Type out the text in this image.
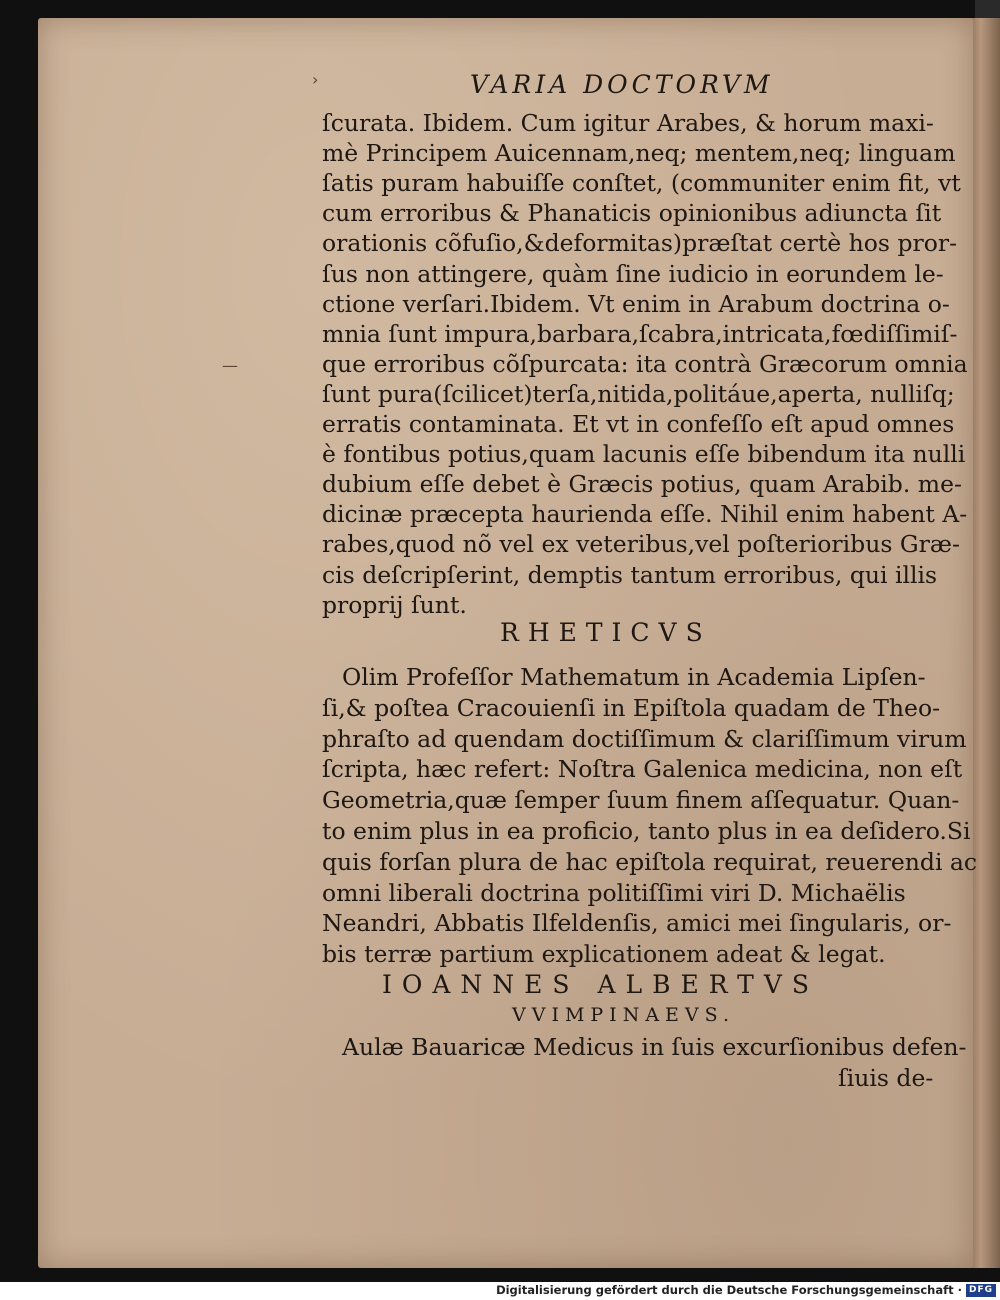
VARIA DOCTORVM
ſcurata. Ibidem. Cum igitur Arabes, & horum maxi-
mè Principem Auicennam,neq; mentem,neq; linguam
ſatis puram habuiſſe conſtet, (communiter enim fit, vt
cum erroribus & Phanaticis opinionibus adiuncta ſit
orationis cõfuſio,&deformitas)præſtat certè hos pror-
ſus non attingere, quàm ſine iudicio in eorundem le-
ctione verſari.Ibidem. Vt enim in Arabum doctrina o-
mnia ſunt impura,barbara,ſcabra,intricata,fœdiſſimiſ-
que erroribus cõſpurcata: ita contrà Græcorum omnia
ſunt pura(ſcilicet)terſa,nitida,politáue,aperta, nulliſq;
erratis contaminata. Et vt in confeſſo eſt apud omnes
è fontibus potius,quam lacunis eſſe bibendum ita nulli
dubium eſſe debet è Græcis potius, quam Arabib. me-
dicinæ præcepta haurienda eſſe. Nihil enim habent A-
rabes,quod nõ vel ex veteribus,vel poſterioribus Græ-
cis deſcripſerint, demptis tantum erroribus, qui illis
proprij ſunt.
Olim Profeſſor Mathematum in Academia Lipſen-
ſi,& poſtea Cracouienſi in Epiſtola quadam de Theo-
phraſto ad quendam doctiſſimum & clariſſimum virum
ſcripta, hæc refert: Noſtra Galenica medicina, non eſt
Geometria,quæ ſemper ſuum finem aſſequatur. Quan-
to enim plus in ea proficio, tanto plus in ea deſidero.Si
quis forſan plura de hac epiſtola requirat, reuerendi ac
omni liberali doctrina politiſſimi viri D. Michaëlis
Neandri, Abbatis Ilfeldenſis, amici mei ſingularis, or-
bis terræ partium explicationem adeat & legat.
Aulæ Bauaricæ Medicus in ſuis excurſionibus defen-
ſiuis de-
RHETICVS
IOANNES ALBERTVS
VVIMPINAEVS.
—
›
Digitalisierung gefördert durch die Deutsche Forschungsgemeinschaft · DFG
